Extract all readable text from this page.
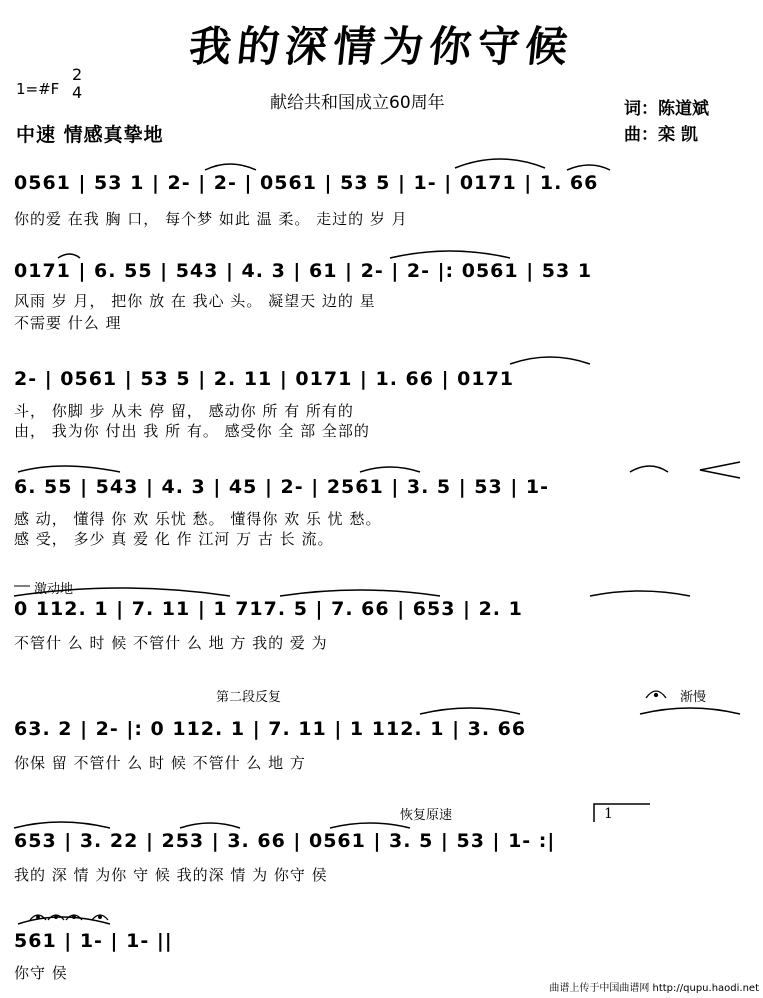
我的深情为你守候
1=#F
2
4
献给共和国成立60周年	词：陈道斌
曲：栾 凯
中速 情感真挚地
0561 | 53 1 | 2- | 2- | 0561 | 53 5 | 1- | 0171 | 1. 66
你的爱 在我 胸 口， 每个梦 如此 温 柔。 走过的 岁 月
0171 | 6. 55 | 543 | 4. 3 | 61 | 2- | 2- |: 0561 | 53 1
风雨 岁 月， 把你 放 在 我心 头。 凝望天 边的 星
不需要 什么 理
2- | 0561 | 53 5 | 2. 11 | 0171 | 1. 66 | 0171
斗， 你脚 步 从未 停 留， 感动你 所 有 所有的
由， 我为你 付出 我 所 有。 感受你 全 部 全部的
6. 55 | 543 | 4. 3 | 45 | 2- | 2561 | 3. 5 | 53 | 1-
感 动， 懂得 你 欢 乐忧 愁。 懂得你 欢 乐 忧 愁。
感 受， 多少 真 爱 化 作 江河 万 古 长 流。
激动地
0 112. 1 | 7. 11 | 1 717. 5 | 7. 66 | 653 | 2. 1
不管什 么 时 候 不管什 么 地 方 我的 爱 为
第二段反复	渐慢
63. 2 | 2- |: 0 112. 1 | 7. 11 | 1 112. 1 | 3. 66
你保 留 不管什 么 时 候 不管什 么 地 方
恢复原速	1
653 | 3. 22 | 253 | 3. 66 | 0561 | 3. 5 | 53 | 1- :|
我的 深 情 为你 守 候 我的深 情 为 你守 侯
561 | 1- | 1- ||
你守 侯
曲谱上传于中国曲谱网 http://qupu.haodi.net
